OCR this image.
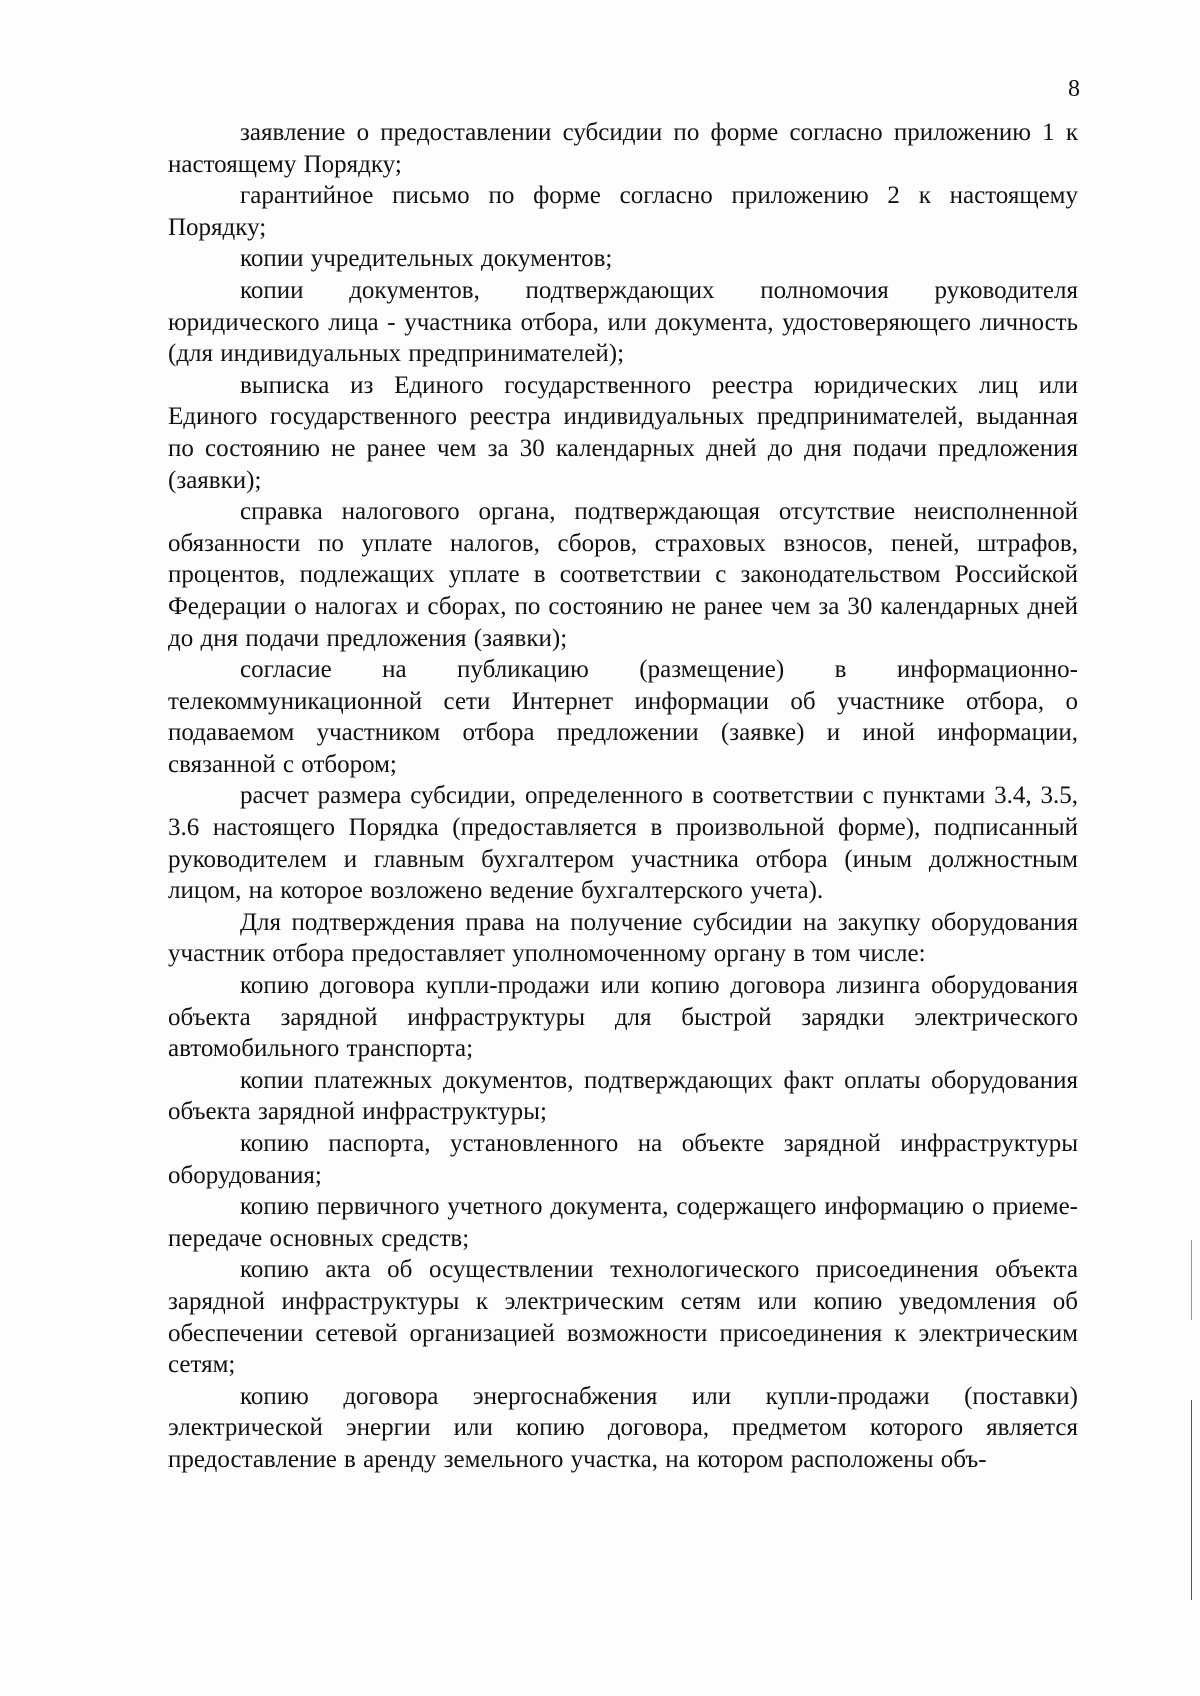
8

заявление о предоставлении субсидии по форме согласно приложению 1 к настоящему Порядку;

гарантийное письмо по форме согласно приложению 2 к настоящему Порядку;

копии учредительных документов;

копии документов, подтверждающих полномочия руководителя юридического лица - участника отбора, или документа, удостоверяющего личность (для индивидуальных предпринимателей);

выписка из Единого государственного реестра юридических лиц или Единого государственного реестра индивидуальных предпринимателей, выданная по состоянию не ранее чем за 30 календарных дней до дня подачи предложения (заявки);

справка налогового органа, подтверждающая отсутствие неисполненной обязанности по уплате налогов, сборов, страховых взносов, пеней, штрафов, процентов, подлежащих уплате в соответствии с законодательством Российской Федерации о налогах и сборах, по состоянию не ранее чем за 30 календарных дней до дня подачи предложения (заявки);

согласие на публикацию (размещение) в информационно-телекоммуникационной сети Интернет информации об участнике отбора, о подаваемом участником отбора предложении (заявке) и иной информации, связанной с отбором;

расчет размера субсидии, определенного в соответствии с пунктами 3.4, 3.5, 3.6 настоящего Порядка (предоставляется в произвольной форме), подписанный руководителем и главным бухгалтером участника отбора (иным должностным лицом, на которое возложено ведение бухгалтерского учета).

Для подтверждения права на получение субсидии на закупку оборудования участник отбора предоставляет уполномоченному органу в том числе:

копию договора купли-продажи или копию договора лизинга оборудования объекта зарядной инфраструктуры для быстрой зарядки электрического автомобильного транспорта;

копии платежных документов, подтверждающих факт оплаты оборудования объекта зарядной инфраструктуры;

копию паспорта, установленного на объекте зарядной инфраструктуры оборудования;

копию первичного учетного документа, содержащего информацию о приеме-передаче основных средств;

копию акта об осуществлении технологического присоединения объекта зарядной инфраструктуры к электрическим сетям или копию уведомления об обеспечении сетевой организацией возможности присоединения к электрическим сетям;

копию договора энергоснабжения или купли-продажи (поставки) электрической энергии или копию договора, предметом которого является предоставление в аренду земельного участка, на котором расположены объ-
